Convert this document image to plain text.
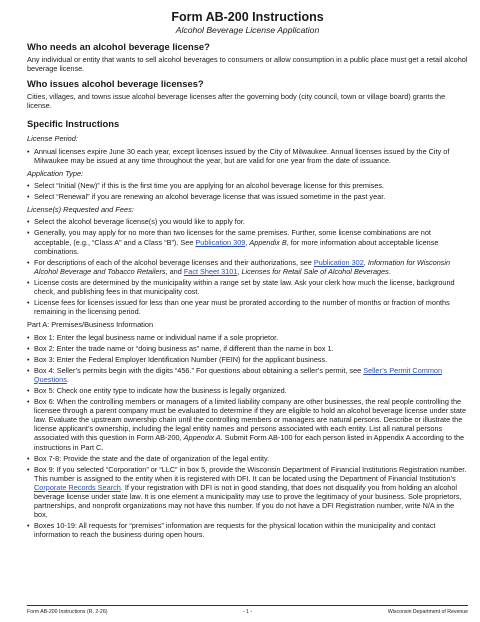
Form AB-200 Instructions
Alcohol Beverage License Application
Who needs an alcohol beverage license?

Any individual or entity that wants to sell alcohol beverages to consumers or allow consumption in a public place must get a retail alcohol beverage license.

Who issues alcohol beverage licenses?

Cities, villages, and towns issue alcohol beverage licenses after the governing body (city council, town or village board) grants the license.

Specific Instructions
License Period:
• Annual licenses expire June 30 each year, except licenses issued by the City of Milwaukee. Annual licenses issued by the City of Milwaukee may be issued at any time throughout the year, but are valid for one year from the date of issuance.
Application Type:
• Select “Initial (New)” if this is the first time you are applying for an alcohol beverage license for this premises.
• Select “Renewal” if you are renewing an alcohol beverage license that was issued sometime in the past year.
License(s) Requested and Fees:
• Select the alcohol beverage license(s) you would like to apply for.
• Generally, you may apply for no more than two licenses for the same premises. Further, some license combinations are not acceptable, (e.g., “Class A” and a Class “B”). See Publication 309, Appendix B, for more information about acceptable license combinations.
• For descriptions of each of the alcohol beverage licenses and their authorizations, see Publication 302, Information for Wisconsin Alcohol Beverage and Tobacco Retailers, and Fact Sheet 3101, Licenses for Retail Sale of Alcohol Beverages.
• License costs are determined by the municipality within a range set by state law. Ask your clerk how much the license, background check, and publishing fees in that municipality cost.
• License fees for licenses issued for less than one year must be prorated according to the number of months or fraction of months remaining in the licensing period.
Part A: Premises/Business Information
• Box 1: Enter the legal business name or individual name if a sole proprietor.
• Box 2: Enter the trade name or “doing business as” name, if different than the name in box 1.
• Box 3: Enter the Federal Employer Identification Number (FEIN) for the applicant business.
• Box 4: Seller’s permits begin with the digits “456.” For questions about obtaining a seller’s permit, see Seller’s Permit Common Questions.
• Box 5: Check one entity type to indicate how the business is legally organized.
• Box 6: When the controlling members or managers of a limited liability company are other businesses, the real people controlling the licensee through a parent company must be evaluated to determine if they are eligible to hold an alcohol beverage license under state law. Evaluate the upstream ownership chain until the controlling members or managers are natural persons. Describe or illustrate the license applicant’s ownership, including the legal entity names and persons associated with each entity. List all natural persons associated with this question in Form AB-200, Appendix A. Submit Form AB-100 for each person listed in Appendix A according to the instructions in Part C.
• Box 7-8: Provide the state and the date of organization of the legal entity.
• Box 9: If you selected “Corporation” or “LLC” in box 5, provide the Wisconsin Department of Financial Institutions Registration number. This number is assigned to the entity when it is registered with DFI. It can be located using the Department of Financial Institution’s Corporate Records Search. If your registration with DFI is not in good standing, that does not disqualify you from holding an alcohol beverage license under state law. It is one element a municipality may use to prove the legitimacy of your business. Sole proprietors, partnerships, and nonprofit organizations may not have this number. If you do not have a DFI Registration number, write N/A in the box.
• Boxes 10-19: All requests for “premises” information are requests for the physical location within the municipality and contact information to reach the business during open hours.
Form AB-200 Instructions (R. 2-26)	- 1 -	Wisconsin Department of Revenue
